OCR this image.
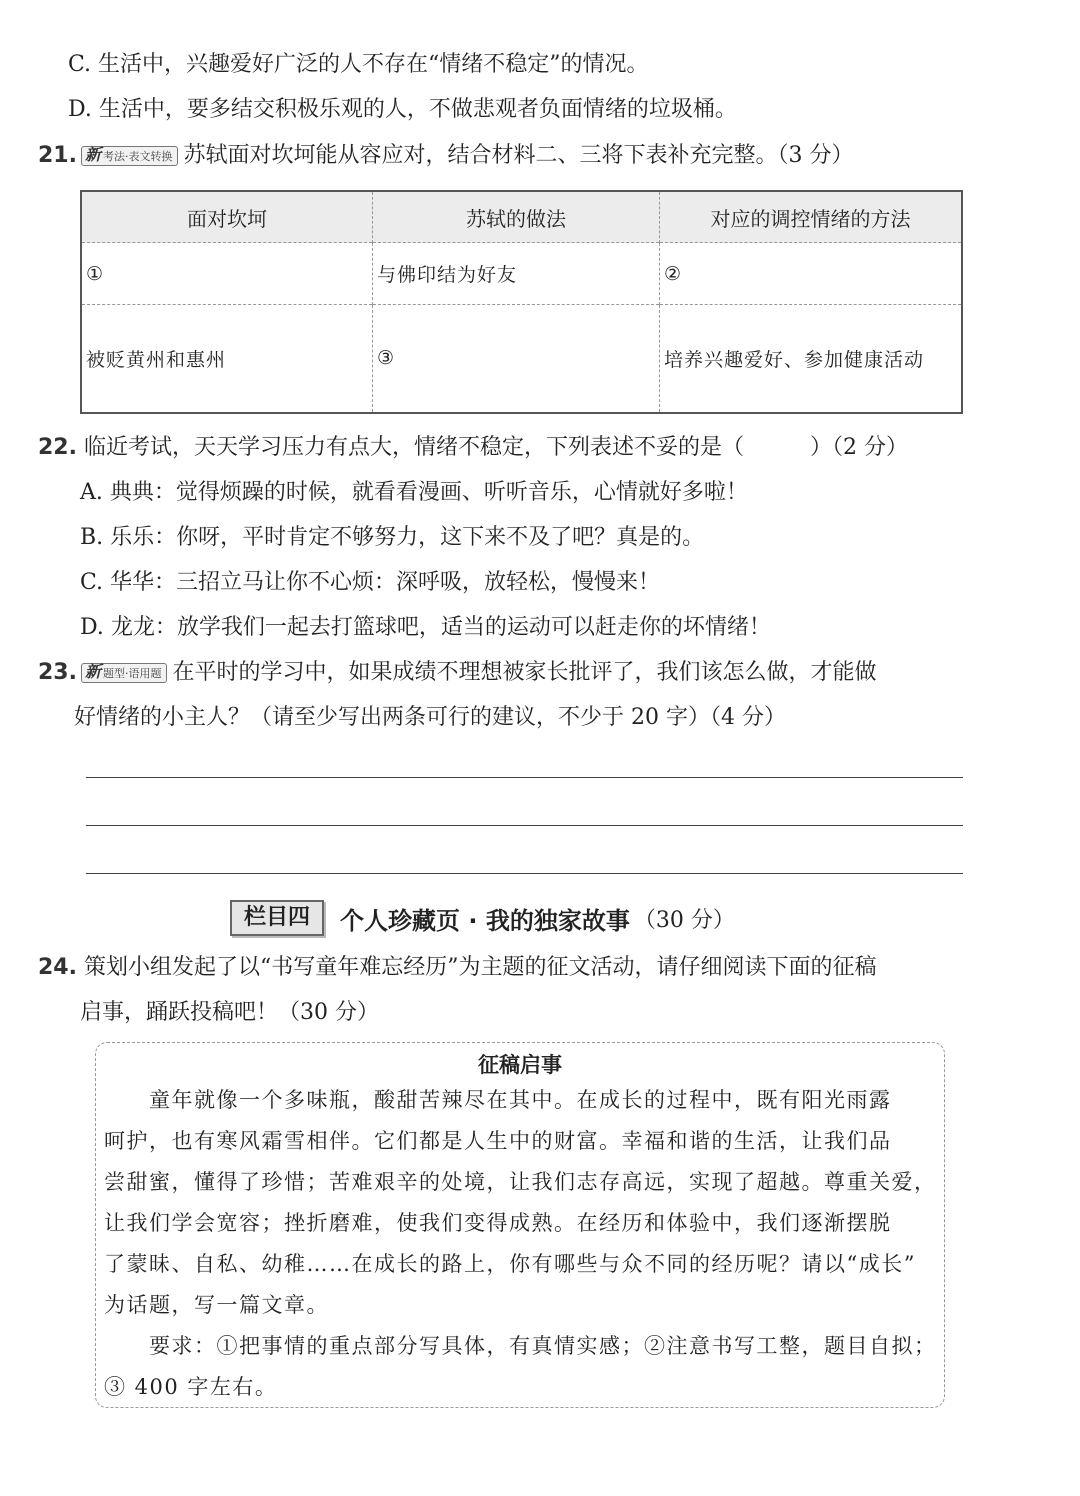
C. 生活中，兴趣爱好广泛的人不存在“情绪不稳定”的情况。
D. 生活中，要多结交积极乐观的人，不做悲观者负面情绪的垃圾桶。
21. 新 考法·表文转换 苏轼面对坎坷能从容应对，结合材料二、三将下表补充完整。（3 分）
面对坎坷	苏轼的做法	对应的调控情绪的方法
①	与佛印结为好友	②
被贬黄州和惠州	③	培养兴趣爱好、参加健康活动
22. 临近考试，天天学习压力有点大，情绪不稳定，下列表述不妥的是（　　　）（2 分）
A. 典典：觉得烦躁的时候，就看看漫画、听听音乐，心情就好多啦！
B. 乐乐：你呀，平时肯定不够努力，这下来不及了吧？真是的。
C. 华华：三招立马让你不心烦：深呼吸，放轻松，慢慢来！
D. 龙龙：放学我们一起去打篮球吧，适当的运动可以赶走你的坏情绪！
23. 新 题型·语用题 在平时的学习中，如果成绩不理想被家长批评了，我们该怎么做，才能做
好情绪的小主人？（请至少写出两条可行的建议，不少于 20 字）（4 分）
栏目四	个人珍藏页 · 我的独家故事 （30 分）
24. 策划小组发起了以“书写童年难忘经历”为主题的征文活动，请仔细阅读下面的征稿
启事，踊跃投稿吧！（30 分）
征稿启事
　　童年就像一个多味瓶，酸甜苦辣尽在其中。在成长的过程中，既有阳光雨露
呵护，也有寒风霜雪相伴。它们都是人生中的财富。幸福和谐的生活，让我们品
尝甜蜜，懂得了珍惜；苦难艰辛的处境，让我们志存高远，实现了超越。尊重关爱，
让我们学会宽容；挫折磨难，使我们变得成熟。在经历和体验中，我们逐渐摆脱
了蒙昧、自私、幼稚……在成长的路上，你有哪些与众不同的经历呢？请以“成长”
为话题，写一篇文章。
　　要求：①把事情的重点部分写具体，有真情实感；②注意书写工整，题目自拟；
③ 400 字左右。
